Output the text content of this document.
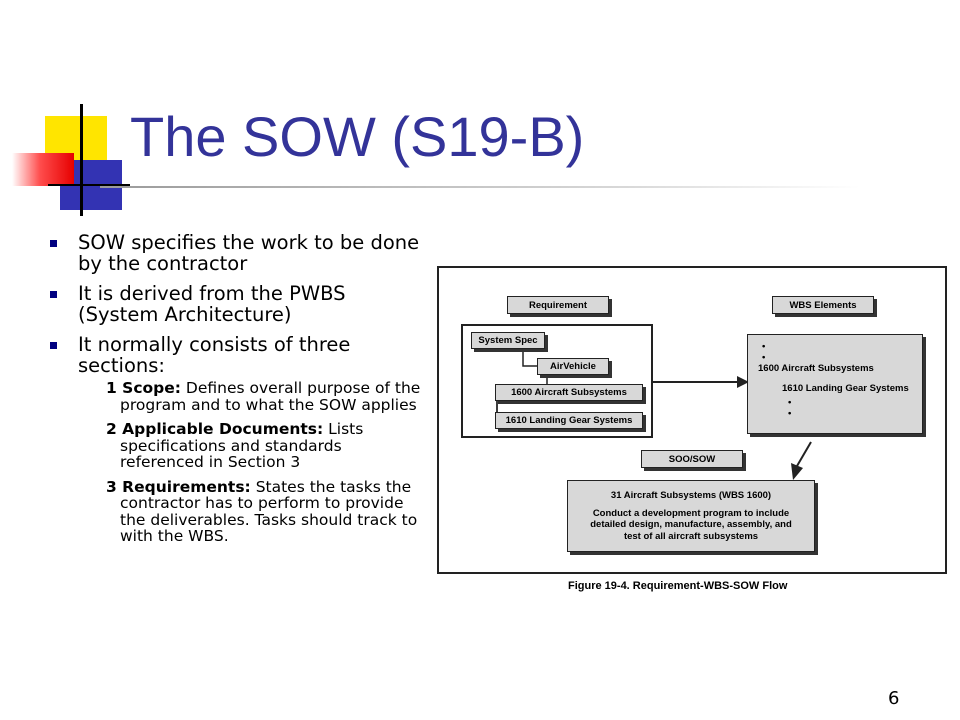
The SOW (S19-B)
SOW specifies the work to be done by the contractor
It is derived from the PWBS (System Architecture)
It normally consists of three sections:
1 Scope: Defines overall purpose of the program and to what the SOW applies
2 Applicable Documents: Lists specifications and standards referenced in Section 3
3 Requirements: States the tasks the contractor has to perform to provide the deliverables. Tasks should track to with the WBS.
Requirement	WBS Elements
System Spec
AirVehicle
1600 Aircraft Subsystems
1610 Landing Gear Systems
•
•
1600 Aircraft Subsystems
1610 Landing Gear Systems
•
•
SOO/SOW
31 Aircraft Subsystems (WBS 1600)
Conduct a development program to include detailed design, manufacture, assembly, and test of all aircraft subsystems
Figure 19-4. Requirement-WBS-SOW Flow
6
